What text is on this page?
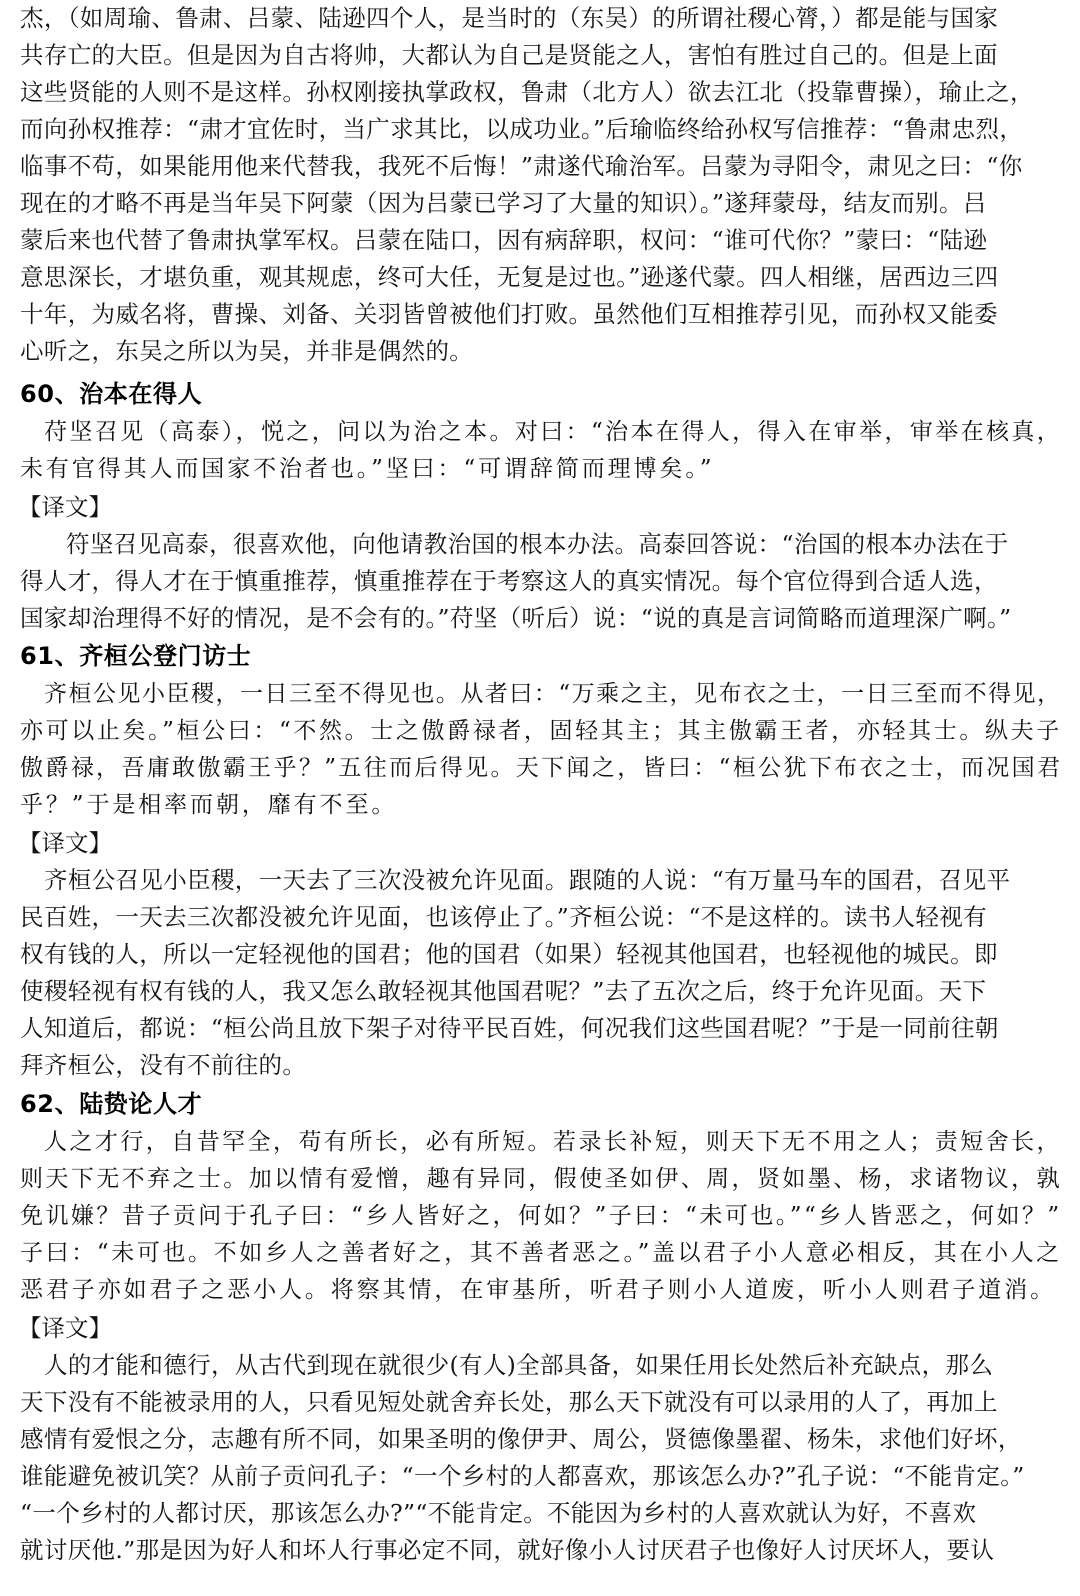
杰，（如周瑜、鲁肃、吕蒙、陆逊四个人，是当时的（东吴）的所谓社稷心膂，）都是能与国家
共存亡的大臣。但是因为自古将帅，大都认为自己是贤能之人，害怕有胜过自己的。但是上面
这些贤能的人则不是这样。孙权刚接执掌政权，鲁肃（北方人）欲去江北（投靠曹操），瑜止之，
而向孙权推荐：“肃才宜佐时，当广求其比，以成功业。”后瑜临终给孙权写信推荐：“鲁肃忠烈，
临事不苟，如果能用他来代替我，我死不后悔！”肃遂代瑜治军。吕蒙为寻阳令，肃见之曰：“你
现在的才略不再是当年吴下阿蒙（因为吕蒙已学习了大量的知识）。”遂拜蒙母，结友而别。吕
蒙后来也代替了鲁肃执掌军权。吕蒙在陆口，因有病辞职，权问：“谁可代你？”蒙曰：“陆逊
意思深长，才堪负重，观其规虑，终可大任，无复是过也。”逊遂代蒙。四人相继，居西边三四
十年，为威名将，曹操、刘备、关羽皆曾被他们打败。虽然他们互相推荐引见，而孙权又能委
心听之，东吴之所以为吴，并非是偶然的。
60、治本在得人
苻坚召见（高泰），悦之，问以为治之本。对曰：“治本在得人，得入在审举，审举在核真，
未有官得其人而国家不治者也。”坚曰：“可谓辞简而理博矣。”
【译文】
符坚召见高泰，很喜欢他，向他请教治国的根本办法。高泰回答说：“治国的根本办法在于
得人才，得人才在于慎重推荐，慎重推荐在于考察这人的真实情况。每个官位得到合适人选，
国家却治理得不好的情况，是不会有的。”苻坚（听后）说：“说的真是言词简略而道理深广啊。”
61、齐桓公登门访士
齐桓公见小臣稷，一日三至不得见也。从者曰：“万乘之主，见布衣之士，一日三至而不得见，
亦可以止矣。”桓公曰：“不然。士之傲爵禄者，固轻其主；其主傲霸王者，亦轻其士。纵夫子
傲爵禄，吾庸敢傲霸王乎？”五往而后得见。天下闻之，皆曰：“桓公犹下布衣之士，而况国君
乎？”于是相率而朝，靡有不至。
【译文】
齐桓公召见小臣稷，一天去了三次没被允许见面。跟随的人说：“有万量马车的国君，召见平
民百姓，一天去三次都没被允许见面，也该停止了。”齐桓公说：“不是这样的。读书人轻视有
权有钱的人，所以一定轻视他的国君；他的国君（如果）轻视其他国君，也轻视他的城民。即
使稷轻视有权有钱的人，我又怎么敢轻视其他国君呢？”去了五次之后，终于允许见面。天下
人知道后，都说：“桓公尚且放下架子对待平民百姓，何况我们这些国君呢？”于是一同前往朝
拜齐桓公，没有不前往的。
62、陆贽论人才
人之才行，自昔罕全，苟有所长，必有所短。若录长补短，则天下无不用之人；责短舍长，
则天下无不弃之士。加以情有爱憎，趣有异同，假使圣如伊、周，贤如墨、杨，求诸物议，孰
免讥嫌？昔子贡问于孔子曰：“乡人皆好之，何如？”子曰：“未可也。”“乡人皆恶之，何如？”
子曰：“未可也。不如乡人之善者好之，其不善者恶之。”盖以君子小人意必相反，其在小人之
恶君子亦如君子之恶小人。将察其情，在审基所，听君子则小人道废，听小人则君子道消。
【译文】
人的才能和德行，从古代到现在就很少(有人)全部具备，如果任用长处然后补充缺点，那么
天下没有不能被录用的人，只看见短处就舍弃长处，那么天下就没有可以录用的人了，再加上
感情有爱恨之分，志趣有所不同，如果圣明的像伊尹、周公，贤德像墨翟、杨朱，求他们好坏，
谁能避免被讥笑？从前子贡问孔子：“一个乡村的人都喜欢，那该怎么办?”孔子说：“不能肯定。”
“一个乡村的人都讨厌，那该怎么办?”“不能肯定。不能因为乡村的人喜欢就认为好，不喜欢
就讨厌他.”那是因为好人和坏人行事必定不同，就好像小人讨厌君子也像好人讨厌坏人，要认
